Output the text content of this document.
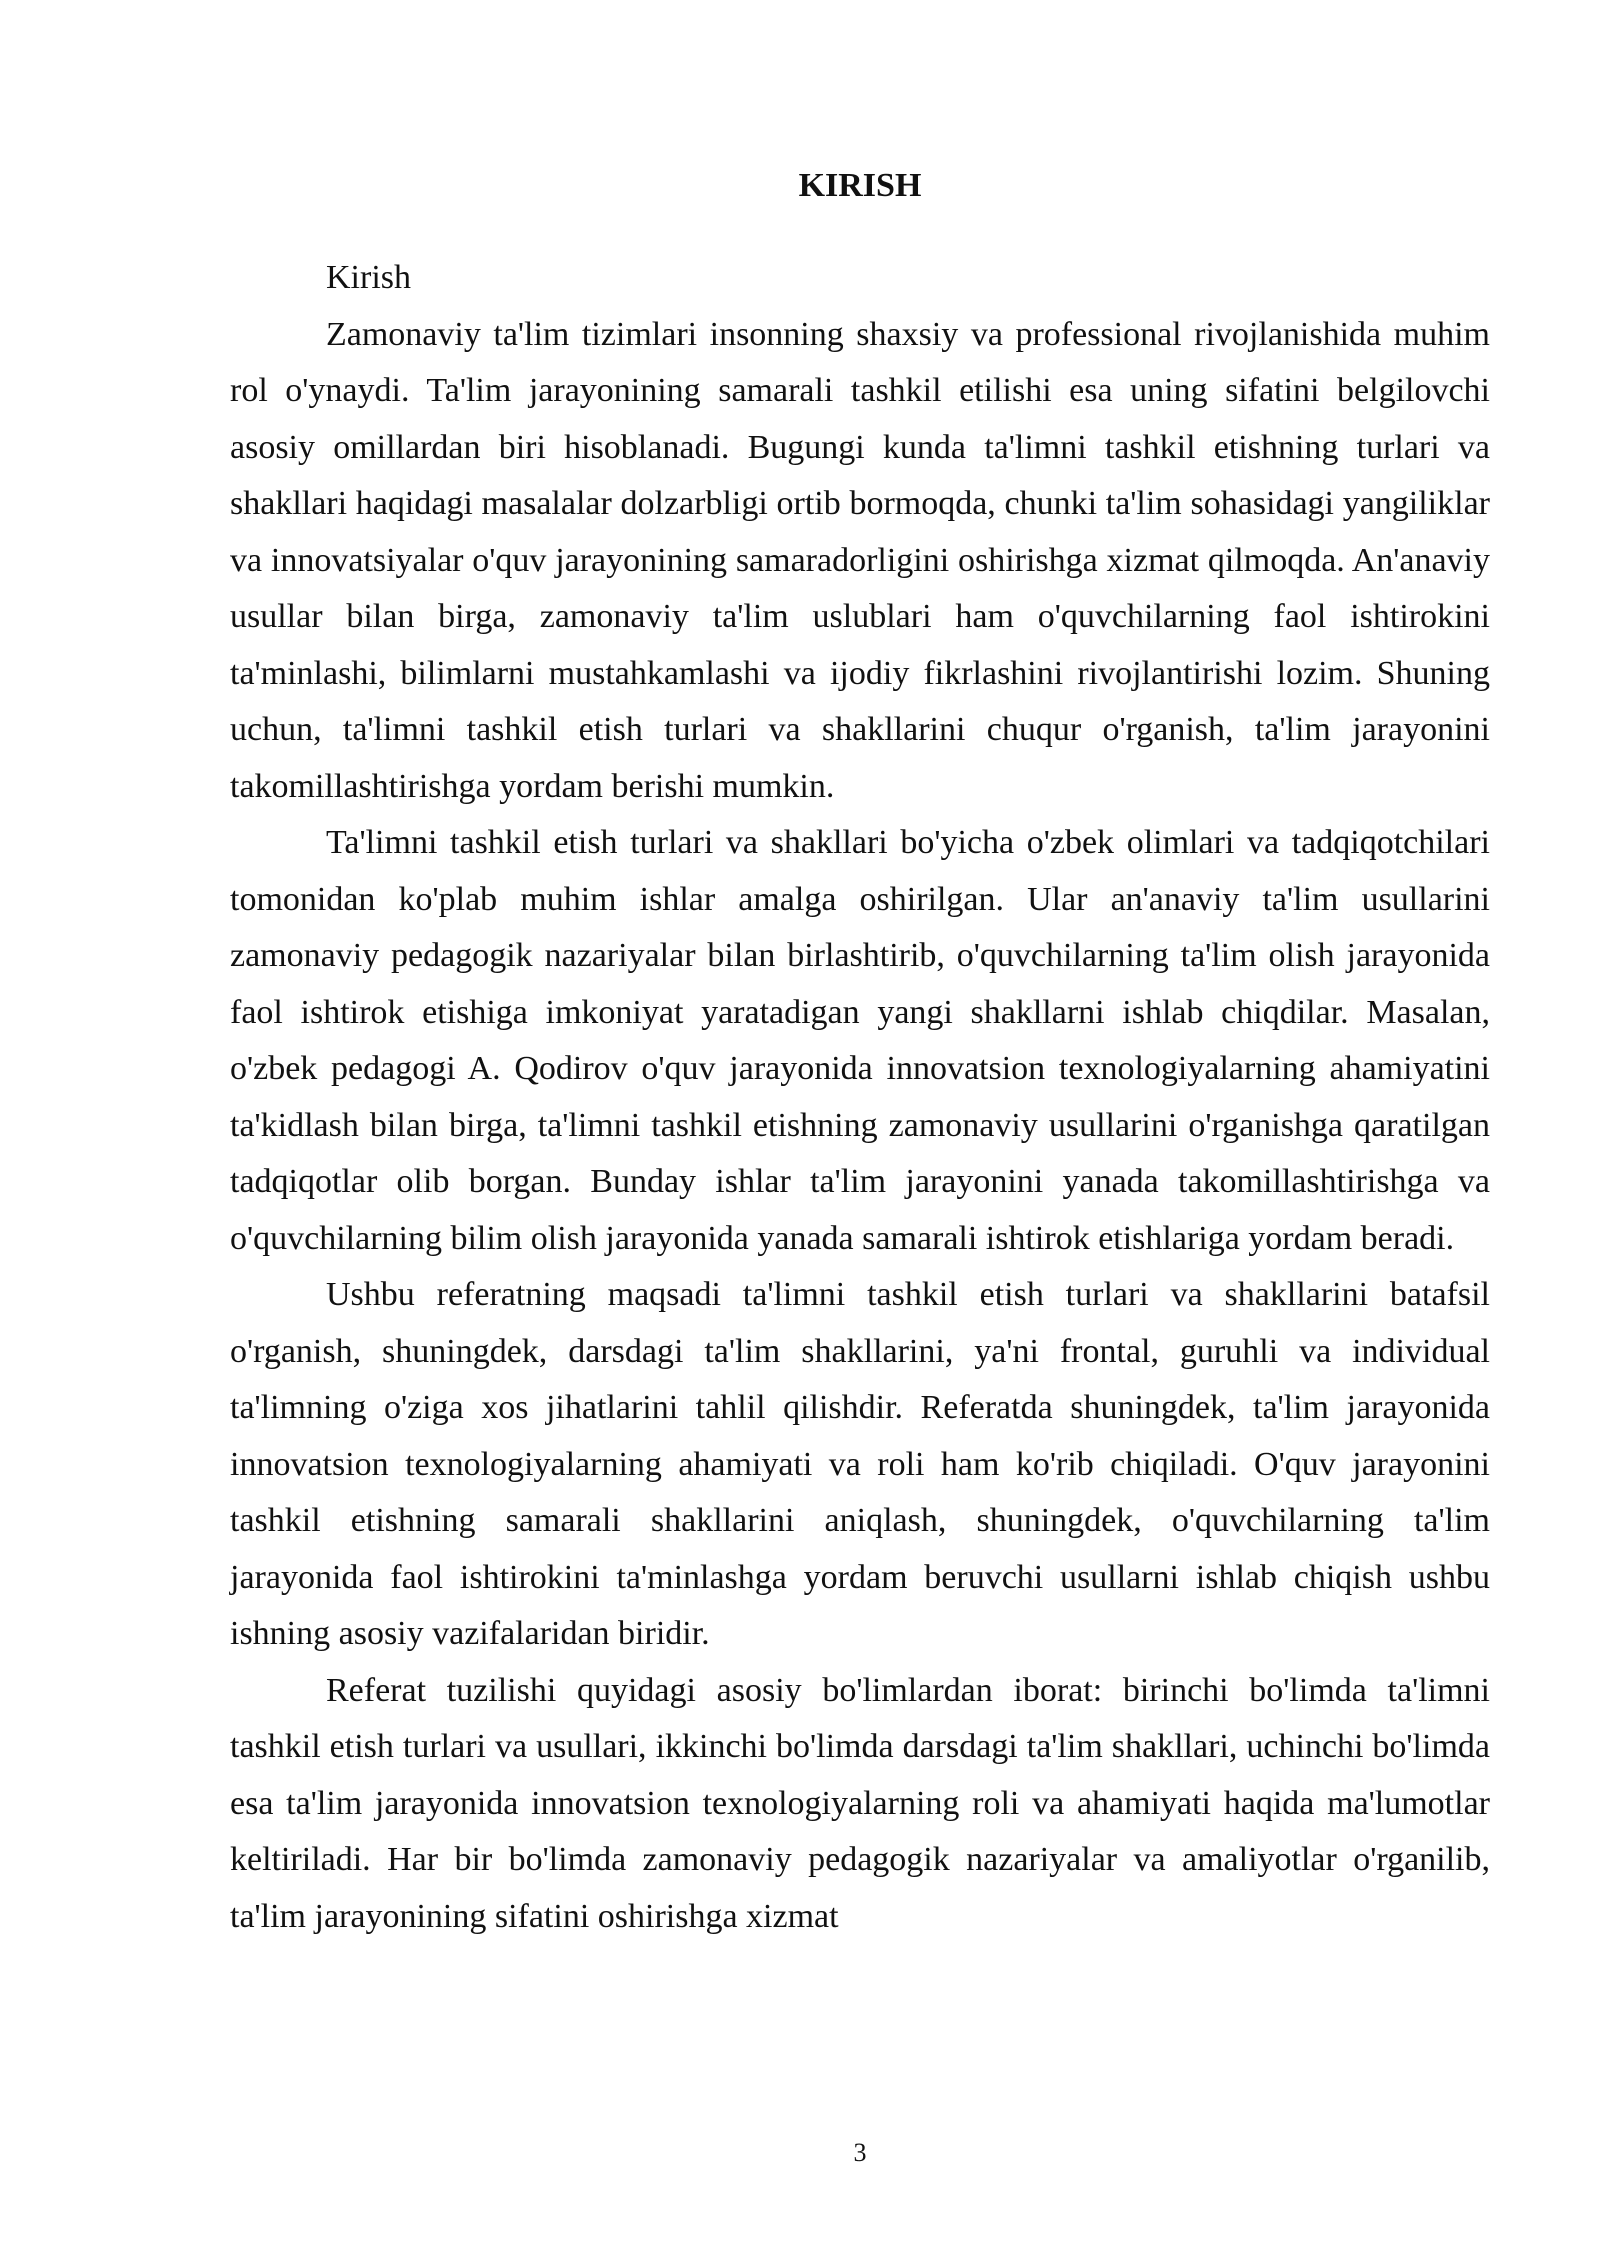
KIRISH

Kirish

Zamonaviy ta'lim tizimlari insonning shaxsiy va professional rivojlanishida muhim rol o'ynaydi. Ta'lim jarayonining samarali tashkil etilishi esa uning sifatini belgilovchi asosiy omillardan biri hisoblanadi. Bugungi kunda ta'limni tashkil etishning turlari va shakllari haqidagi masalalar dolzarbligi ortib bormoqda, chunki ta'lim sohasidagi yangiliklar va innovatsiyalar o'quv jarayonining samaradorligini oshirishga xizmat qilmoqda. An'anaviy usullar bilan birga, zamonaviy ta'lim uslublari ham o'quvchilarning faol ishtirokini ta'minlashi, bilimlarni mustahkamlashi va ijodiy fikrlashini rivojlantirishi lozim. Shuning uchun, ta'limni tashkil etish turlari va shakllarini chuqur o'rganish, ta'lim jarayonini takomillashtirishga yordam berishi mumkin.

Ta'limni tashkil etish turlari va shakllari bo'yicha o'zbek olimlari va tadqiqotchilari tomonidan ko'plab muhim ishlar amalga oshirilgan. Ular an'anaviy ta'lim usullarini zamonaviy pedagogik nazariyalar bilan birlashtirib, o'quvchilarning ta'lim olish jarayonida faol ishtirok etishiga imkoniyat yaratadigan yangi shakllarni ishlab chiqdilar. Masalan, o'zbek pedagogi A. Qodirov o'quv jarayonida innovatsion texnologiyalarning ahamiyatini ta'kidlash bilan birga, ta'limni tashkil etishning zamonaviy usullarini o'rganishga qaratilgan tadqiqotlar olib borgan. Bunday ishlar ta'lim jarayonini yanada takomillashtirishga va o'quvchilarning bilim olish jarayonida yanada samarali ishtirok etishlariga yordam beradi.

Ushbu referatning maqsadi ta'limni tashkil etish turlari va shakllarini batafsil o'rganish, shuningdek, darsdagi ta'lim shakllarini, ya'ni frontal, guruhli va individual ta'limning o'ziga xos jihatlarini tahlil qilishdir. Referatda shuningdek, ta'lim jarayonida innovatsion texnologiyalarning ahamiyati va roli ham ko'rib chiqiladi. O'quv jarayonini tashkil etishning samarali shakllarini aniqlash, shuningdek, o'quvchilarning ta'lim jarayonida faol ishtirokini ta'minlashga yordam beruvchi usullarni ishlab chiqish ushbu ishning asosiy vazifalaridan biridir.

Referat tuzilishi quyidagi asosiy bo'limlardan iborat: birinchi bo'limda ta'limni tashkil etish turlari va usullari, ikkinchi bo'limda darsdagi ta'lim shakllari, uchinchi bo'limda esa ta'lim jarayonida innovatsion texnologiyalarning roli va ahamiyati haqida ma'lumotlar keltiriladi. Har bir bo'limda zamonaviy pedagogik nazariyalar va amaliyotlar o'rganilib, ta'lim jarayonining sifatini oshirishga xizmat

3
